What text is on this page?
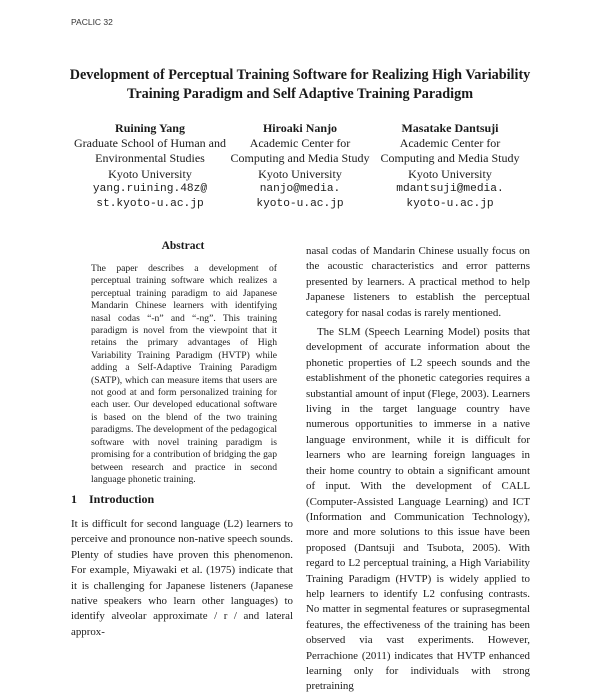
PACLIC 32
Development of Perceptual Training Software for Realizing High Variability
Training Paradigm and Self Adaptive Training Paradigm
Ruining Yang
Graduate School of Human and
Environmental Studies
Kyoto University
yang.ruining.48z@
st.kyoto-u.ac.jp
Hiroaki Nanjo
Academic Center for
Computing and Media Study
Kyoto University
nanjo@media.
kyoto-u.ac.jp
Masatake Dantsuji
Academic Center for
Computing and Media Study
Kyoto University
mdantsuji@media.
kyoto-u.ac.jp
Abstract

The paper describes a development of perceptual training software which realizes a perceptual training paradigm to aid Japanese Mandarin Chinese learners with identifying nasal codas “-n” and “-ng”. This training paradigm is novel from the viewpoint that it retains the primary advantages of High Variability Training Paradigm (HVTP) while adding a Self-Adaptive Training Paradigm (SATP), which can measure items that users are not good at and form personalized training for each user. Our developed educational software is based on the blend of the two training paradigms. The development of the pedagogical software with novel training paradigm is promising for a contribution of bridging the gap between research and practice in second language phonetic training.

1 Introduction

It is difficult for second language (L2) learners to perceive and pronounce non-native speech sounds. Plenty of studies have proven this phenomenon. For example, Miyawaki et al. (1975) indicate that it is challenging for Japanese listeners (Japanese native speakers who learn other languages) to identify alveolar approximate / r / and lateral approx-

nasal codas of Mandarin Chinese usually focus on the acoustic characteristics and error patterns presented by learners. A practical method to help Japanese listeners to establish the perceptual category for nasal codas is rarely mentioned.

The SLM (Speech Learning Model) posits that development of accurate information about the phonetic properties of L2 speech sounds and the establishment of the phonetic categories requires a substantial amount of input (Flege, 2003). Learners living in the target language country have numerous opportunities to immerse in a native language environment, while it is difficult for learners who are learning foreign languages in their home country to obtain a significant amount of input. With the development of CALL (Computer-Assisted Language Learning) and ICT (Information and Communication Technology), more and more solutions to this issue have been proposed (Dantsuji and Tsubota, 2005). With regard to L2 perceptual training, a High Variability Training Paradigm (HVTP) is widely applied to help learners to identify L2 confusing contrasts. No matter in segmental features or suprasegmental features, the effectiveness of the training has been observed via vast experiments. However, Perrachione (2011) indicates that HVTP enhanced learning only for individuals with strong pretraining
